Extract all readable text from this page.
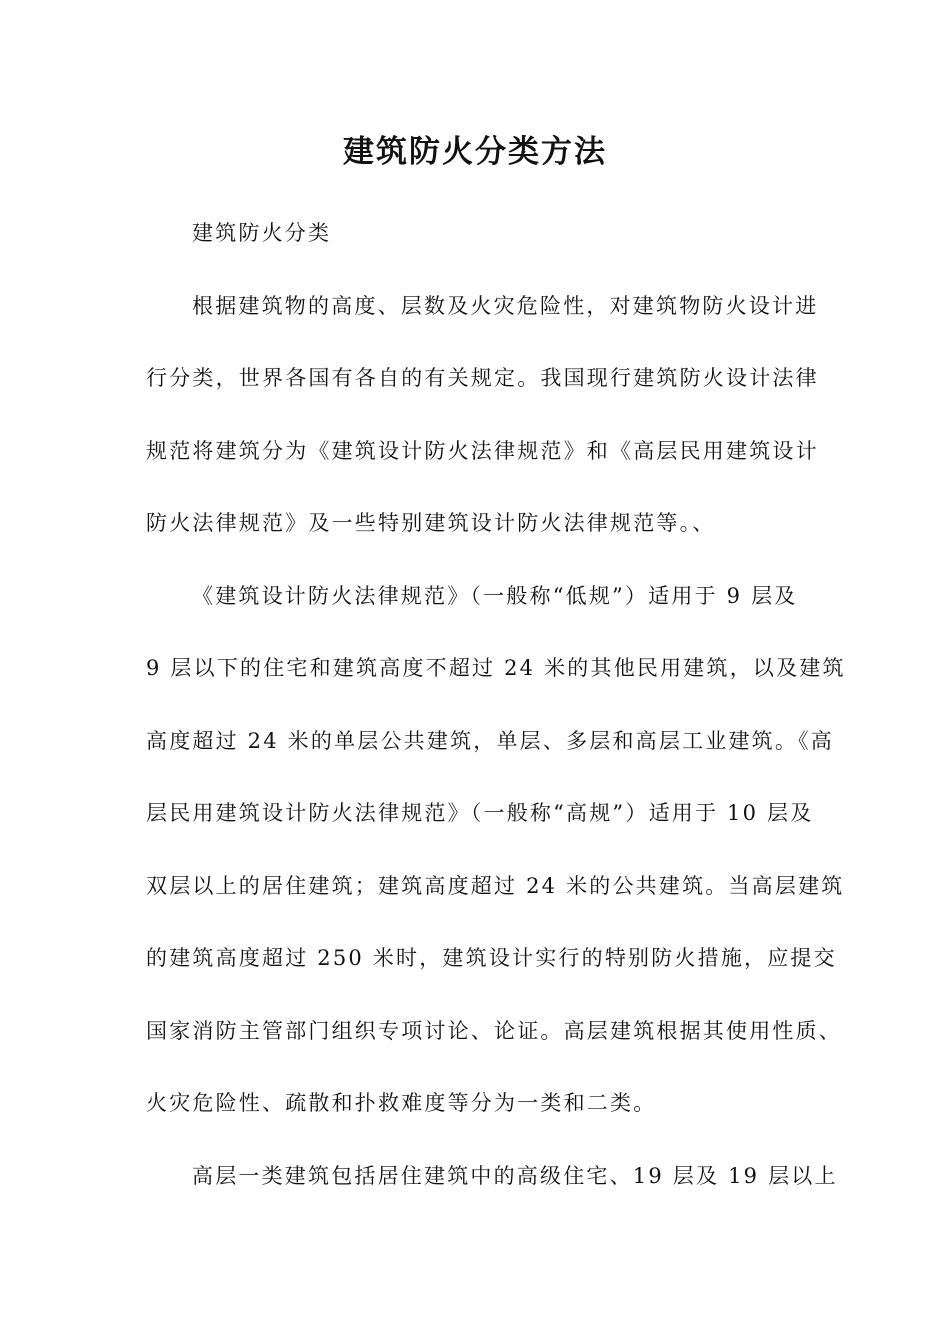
建筑防火分类方法
建筑防火分类
根据建筑物的高度、层数及火灾危险性，对建筑物防火设计进
行分类，世界各国有各自的有关规定。我国现行建筑防火设计法律
规范将建筑分为《建筑设计防火法律规范》和《高层民用建筑设计
防火法律规范》及一些特别建筑设计防火法律规范等。、
《建筑设计防火法律规范》（一般称“低规”）适用于 9 层及
9 层以下的住宅和建筑高度不超过 24 米的其他民用建筑，以及建筑
高度超过 24 米的单层公共建筑，单层、多层和高层工业建筑。《高
层民用建筑设计防火法律规范》（一般称“高规”）适用于 10 层及
双层以上的居住建筑；建筑高度超过 24 米的公共建筑。当高层建筑
的建筑高度超过 250 米时，建筑设计实行的特别防火措施，应提交
国家消防主管部门组织专项讨论、论证。高层建筑根据其使用性质、
火灾危险性、疏散和扑救难度等分为一类和二类。
高层一类建筑包括居住建筑中的高级住宅、19 层及 19 层以上
